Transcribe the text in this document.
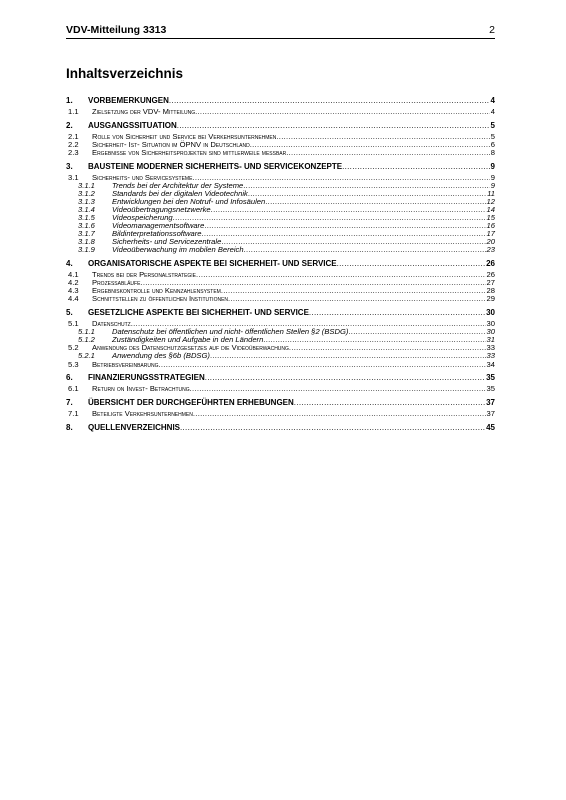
VDV-Mitteilung 3313	2
Inhaltsverzeichnis
1.	VORBEMERKUNGEN .....	4
1.1	Zielsetzung der VDV- Mitteilung .....	4
2.	AUSGANGSSITUATION .....	5
2.1	Rolle von Sicherheit und Service bei Verkehrsunternehmen .....	5
2.2	Sicherheit- Ist- Situation im ÖPNV in Deutschland .....	6
2.3	Ergebnisse von Sicherheitsprojekten sind mittlerweile messbar .....	8
3.	BAUSTEINE MODERNER SICHERHEITS- UND SERVICEKONZEPTE .....	9
3.1	Sicherheits- und Servicesysteme .....	9
3.1.1	Trends bei der Architektur der Systeme .....	9
3.1.2	Standards bei der digitalen Videotechnik .....	11
3.1.3	Entwicklungen bei den Notruf- und Infosäulen .....	12
3.1.4	Videoübertragungsnetzwerke .....	14
3.1.5	Videospeicherung .....	15
3.1.6	Videomanagementsoftware .....	16
3.1.7	Bildinterpretationssoftware .....	17
3.1.8	Sicherheits- und Servicezentrale .....	20
3.1.9	Videoüberwachung im mobilen Bereich .....	23
4.	ORGANISATORISCHE ASPEKTE BEI SICHERHEIT- UND SERVICE .....	26
4.1	Trends bei der Personalstrategie .....	26
4.2	Prozessabläufe .....	27
4.3	Ergebniskontrolle und Kennzahlensystem .....	28
4.4	Schnittstellen zu öffentlichen Institutionen .....	29
5.	GESETZLICHE ASPEKTE BEI SICHERHEIT- UND SERVICE .....	30
5.1	Datenschutz .....	30
5.1.1	Datenschutz bei öffentlichen und nicht- öffentlichen Stellen §2 (BSDG) .....	30
5.1.2	Zuständigkeiten und Aufgabe in den Ländern .....	31
5.2	Anwendung des Datenschutzgesetzes auf die Videoüberwachung .....	33
5.2.1	Anwendung des §6b (BDSG) .....	33
5.3	Betriebsvereinbarung .....	34
6.	FINANZIERUNGSSTRATEGIEN .....	35
6.1	Return on Invest- Betrachtung .....	35
7.	ÜBERSICHT DER DURCHGEFÜHRTEN ERHEBUNGEN .....	37
7.1	Beteiligte Verkehrsunternehmen .....	37
8.	QUELLENVERZEICHNIS .....	45
